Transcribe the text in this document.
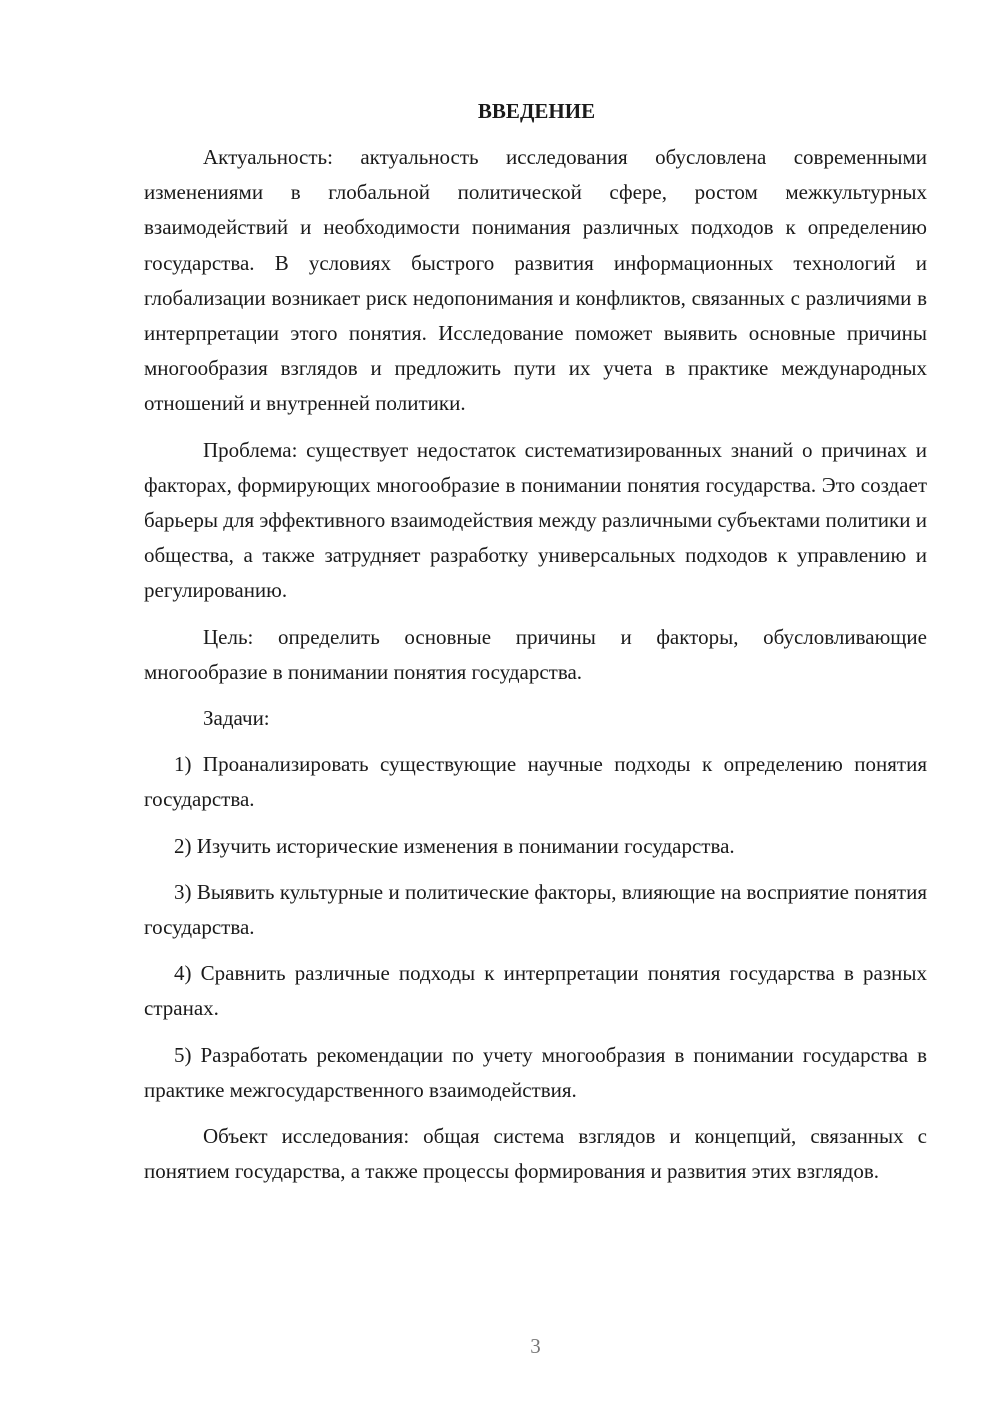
ВВЕДЕНИЕ

Актуальность: актуальность исследования обусловлена современными изменениями в глобальной политической сфере, ростом межкультурных взаимодействий и необходимости понимания различных подходов к определению государства. В условиях быстрого развития информационных технологий и глобализации возникает риск недопонимания и конфликтов, связанных с различиями в интерпретации этого понятия. Исследование поможет выявить основные причины многообразия взглядов и предложить пути их учета в практике международных отношений и внутренней политики.

Проблема: существует недостаток систематизированных знаний о причинах и факторах, формирующих многообразие в понимании понятия государства. Это создает барьеры для эффективного взаимодействия между различными субъектами политики и общества, а также затрудняет разработку универсальных подходов к управлению и регулированию.

Цель: определить основные причины и факторы, обусловливающие многообразие в понимании понятия государства.

Задачи:

1) Проанализировать существующие научные подходы к определению понятия государства.

2) Изучить исторические изменения в понимании государства.

3) Выявить культурные и политические факторы, влияющие на восприятие понятия государства.

4) Сравнить различные подходы к интерпретации понятия государства в разных странах.

5) Разработать рекомендации по учету многообразия в понимании государства в практике межгосударственного взаимодействия.

Объект исследования: общая система взглядов и концепций, связанных с понятием государства, а также процессы формирования и развития этих взглядов.

3
